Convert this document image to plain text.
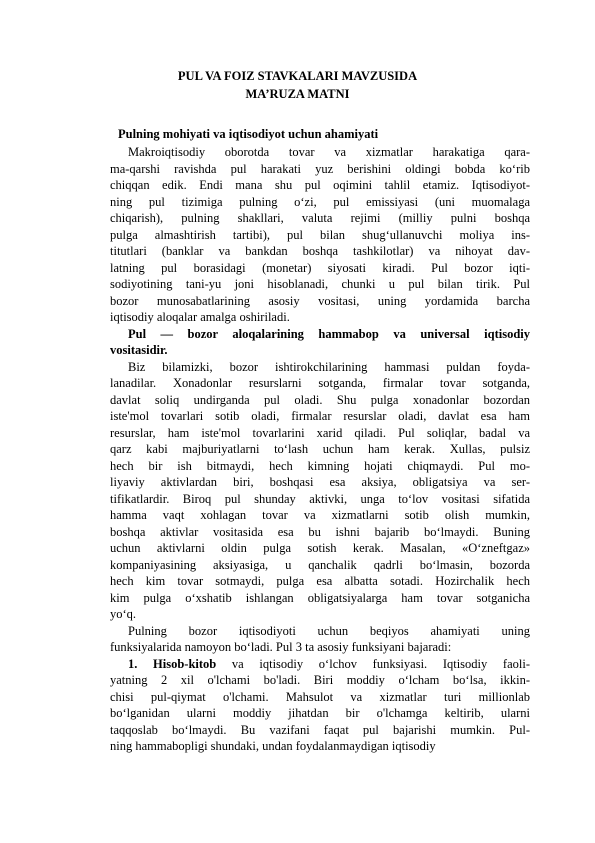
PUL VA FOIZ STAVKALARI MAVZUSIDA
MA’RUZA MATNI
Pulning mohiyati va iqtisodiyot uchun ahamiyati
Makroiqtisodiy oborotda tovar va xizmatlar harakatiga qara-
ma-qarshi ravishda pul harakati yuz berishini oldingi bobda ko‘rib
chiqqan edik. Endi mana shu pul oqimini tahlil etamiz. Iqtisodiyot-
ning pul tizimiga pulning o‘zi, pul emissiyasi (uni muomalaga
chiqarish), pulning shakllari, valuta rejimi (milliy pulni boshqa
pulga almashtirish tartibi), pul bilan shug‘ullanuvchi moliya ins-
titutlari (banklar va bankdan boshqa tashkilotlar) va nihoyat dav-
latning pul borasidagi (monetar) siyosati kiradi. Pul bozor iqti-
sodiyotining tani-yu joni hisoblanadi, chunki u pul bilan tirik. Pul
bozor munosabatlarining asosiy vositasi, uning yordamida barcha
iqtisodiy aloqalar amalga oshiriladi.
Pul — bozor aloqalarining hammabop va universal iqtisodiy
vositasidir.
Biz bilamizki, bozor ishtirokchilarining hammasi puldan foyda-
lanadilar. Xonadonlar resurslarni sotganda, firmalar tovar sotganda,
davlat soliq undirganda pul oladi. Shu pulga xonadonlar bozordan
iste'mol tovarlari sotib oladi, firmalar resurslar oladi, davlat esa ham
resurslar, ham iste'mol tovarlarini xarid qiladi. Pul soliqlar, badal va
qarz kabi majburiyatlarni to‘lash uchun ham kerak. Xullas, pulsiz
hech bir ish bitmaydi, hech kimning hojati chiqmaydi. Pul mo-
liyaviy aktivlardan biri, boshqasi esa aksiya, obligatsiya va ser-
tifikatlardir. Biroq pul shunday aktivki, unga to‘lov vositasi sifatida
hamma vaqt xohlagan tovar va xizmatlarni sotib olish mumkin,
boshqa aktivlar vositasida esa bu ishni bajarib bo‘lmaydi. Buning
uchun aktivlarni oldin pulga sotish kerak. Masalan, «O‘zneftgaz»
kompaniyasining aksiyasiga, u qanchalik qadrli bo‘lmasin, bozorda
hech kim tovar sotmaydi, pulga esa albatta sotadi. Hozirchalik hech
kim pulga o‘xshatib ishlangan obligatsiyalarga ham tovar sotganicha
yo‘q.
Pulning bozor iqtisodiyoti uchun beqiyos ahamiyati uning
funksiyalarida namoyon bo‘ladi. Pul 3 ta asosiy funksiyani bajaradi:
1. Hisob-kitob va iqtisodiy o‘lchov funksiyasi. Iqtisodiy faoli-
yatning 2 xil o'lchami bo'ladi. Biri moddiy o‘lcham bo‘lsa, ikkin-
chisi pul-qiymat o'lchami. Mahsulot va xizmatlar turi millionlab
bo‘lganidan ularni moddiy jihatdan bir o'lchamga keltirib, ularni
taqqoslab bo‘lmaydi. Bu vazifani faqat pul bajarishi mumkin. Pul-
ning hammabopligi shundaki, undan foydalanmaydigan iqtisodiy
